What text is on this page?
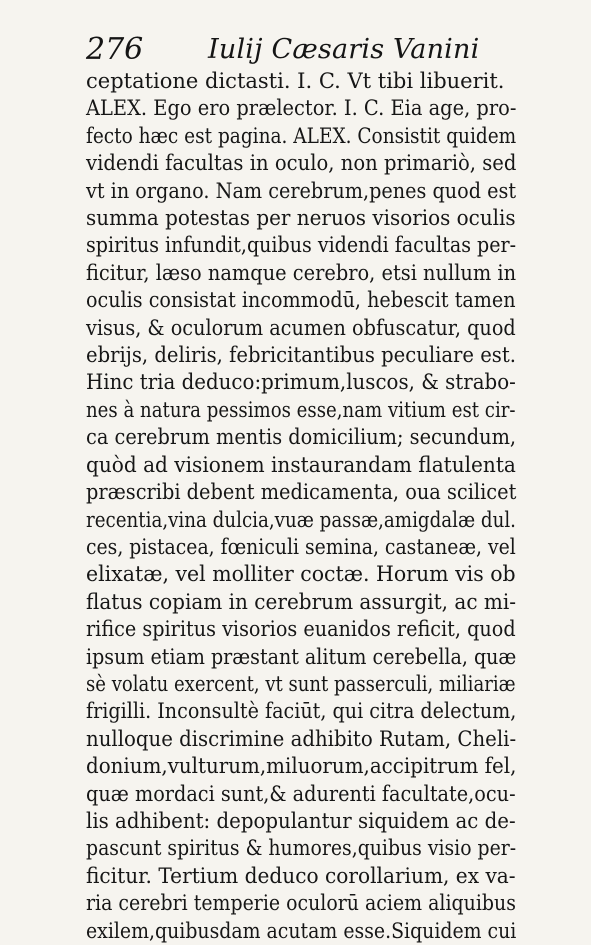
276 Iulij Cæsaris Vanini
ceptatione dictasti. I. C. Vt tibi libuerit.
ALEX. Ego ero prælector. I. C. Eia age, pro-
fecto hæc est pagina. ALEX. Consistit quidem
videndi facultas in oculo, non primariò, sed
vt in organo. Nam cerebrum,penes quod est
summa potestas per neruos visorios oculis
spiritus infundit,quibus videndi facultas per-
ficitur, læso namque cerebro, etsi nullum in
oculis consistat incommodū, hebescit tamen
visus, & oculorum acumen obfuscatur, quod
ebrijs, deliris, febricitantibus peculiare est.
Hinc tria deduco:primum,luscos, & strabo-
nes à natura pessimos esse,nam vitium est cir-
ca cerebrum mentis domicilium; secundum,
quòd ad visionem instaurandam flatulenta
præscribi debent medicamenta, oua scilicet
recentia,vina dulcia,vuæ passæ,amigdalæ dul.
ces, pistacea, fœniculi semina, castaneæ, vel
elixatæ, vel molliter coctæ. Horum vis ob
flatus copiam in cerebrum assurgit, ac mi-
rifice spiritus visorios euanidos reficit, quod
ipsum etiam præstant alitum cerebella, quæ
sè volatu exercent, vt sunt passerculi, miliariæ
frigilli. Inconsultè faciūt, qui citra delectum,
nulloque discrimine adhibito Rutam, Cheli-
donium,vulturum,miluorum,accipitrum fel,
quæ mordaci sunt,& adurenti facultate,ocu-
lis adhibent: depopulantur siquidem ac de-
pascunt spiritus & humores,quibus visio per-
ficitur. Tertium deduco corollarium, ex va-
ria cerebri temperie oculorū aciem aliquibus
exilem,quibusdam acutam esse.Siquidem cui
